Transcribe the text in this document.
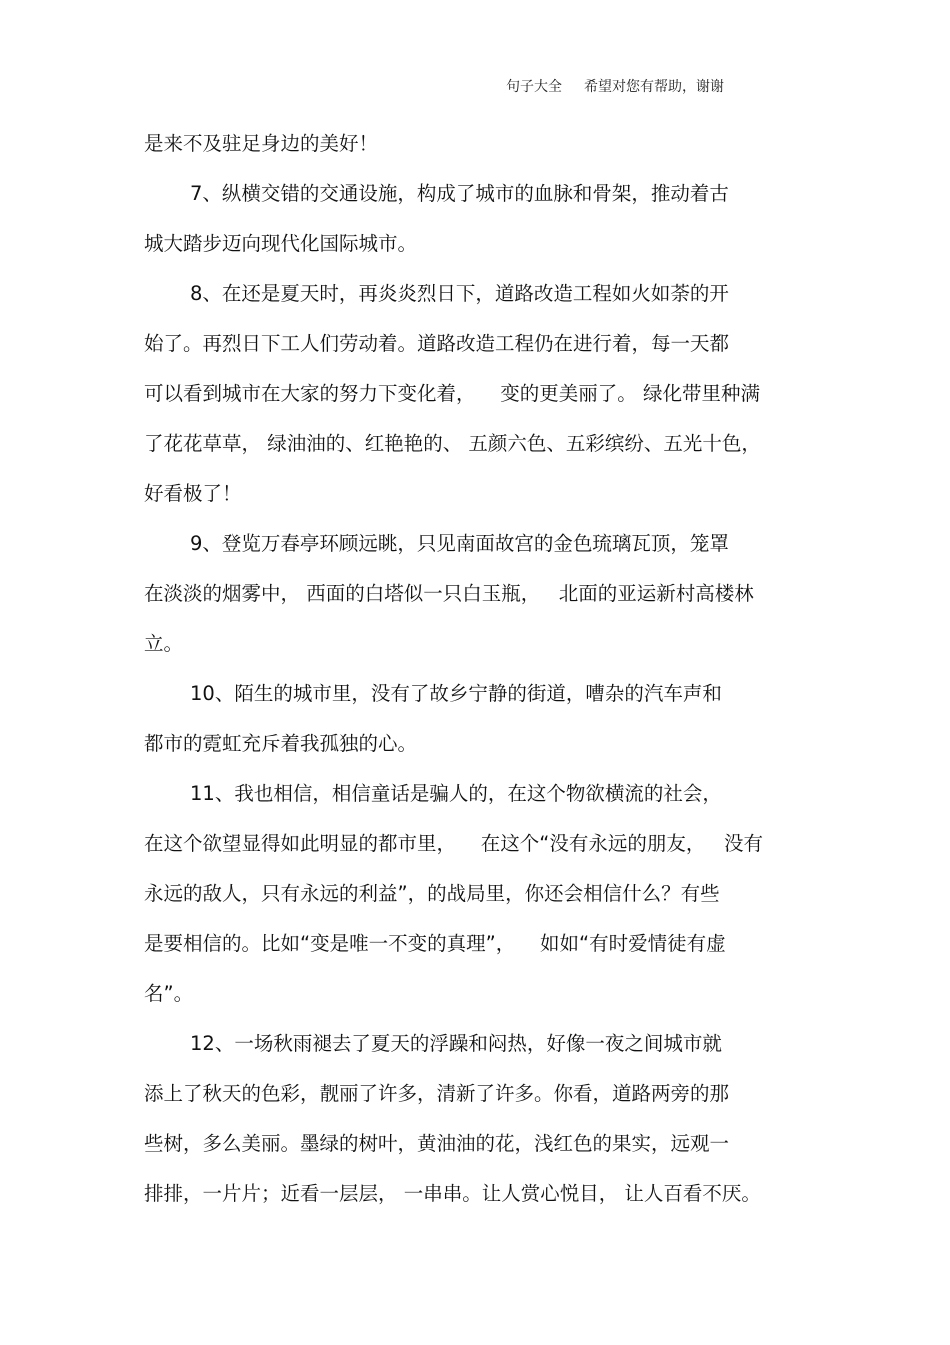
句子大全 希望对您有帮助，谢谢
是来不及驻足身边的美好！
7、纵横交错的交通设施，构成了城市的血脉和骨架，推动着古
城大踏步迈向现代化国际城市。
8、在还是夏天时，再炎炎烈日下，道路改造工程如火如荼的开
始了。再烈日下工人们劳动着。道路改造工程仍在进行着，每一天都
可以看到城市在大家的努力下变化着，    变的更美丽了。 绿化带里种满
了花花草草， 绿油油的、红艳艳的、 五颜六色、五彩缤纷、五光十色，
好看极了！
9、登览万春亭环顾远眺，只见南面故宫的金色琉璃瓦顶，笼罩
在淡淡的烟雾中， 西面的白塔似一只白玉瓶，   北面的亚运新村高楼林
立。
10、陌生的城市里，没有了故乡宁静的街道，嘈杂的汽车声和
都市的霓虹充斥着我孤独的心。
11、我也相信，相信童话是骗人的，在这个物欲横流的社会，
在这个欲望显得如此明显的都市里，    在这个“没有永远的朋友，   没有
永远的敌人，只有永远的利益”，的战局里，你还会相信什么？有些
是要相信的。比如“变是唯一不变的真理”，    如如“有时爱情徒有虚
名”。
12、一场秋雨褪去了夏天的浮躁和闷热，好像一夜之间城市就
添上了秋天的色彩，靓丽了许多，清新了许多。你看，道路两旁的那
些树，多么美丽。墨绿的树叶，黄油油的花，浅红色的果实，远观一
排排，一片片；近看一层层， 一串串。让人赏心悦目， 让人百看不厌。
